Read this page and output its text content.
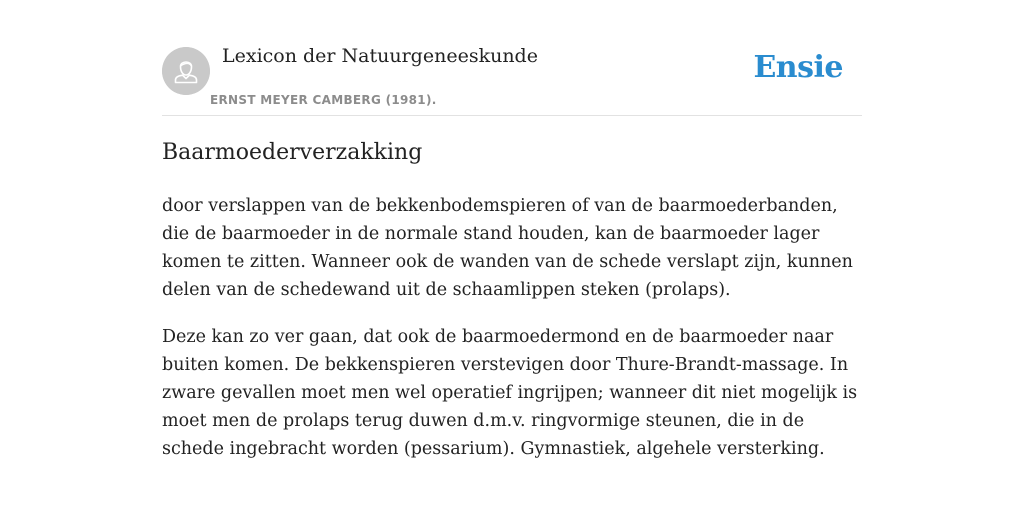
Lexicon der Natuurgeneeskunde
ERNST MEYER CAMBERG (1981).
Ensie
Baarmoederverzakking

door verslappen van de bekkenbodemspieren of van de baarmoederbanden, die de baarmoeder in de normale stand houden, kan de baarmoeder lager komen te zitten. Wanneer ook de wanden van de schede verslapt zijn, kunnen delen van de schedewand uit de schaamlippen steken (prolaps).

Deze kan zo ver gaan, dat ook de baarmoedermond en de baarmoeder naar buiten komen. De bekkenspieren verstevigen door Thure-Brandt-massage. In zware gevallen moet men wel operatief ingrijpen; wanneer dit niet mogelijk is moet men de prolaps terug duwen d.m.v. ringvormige steunen, die in de schede ingebracht worden (pessarium). Gymnastiek, algehele versterking.
